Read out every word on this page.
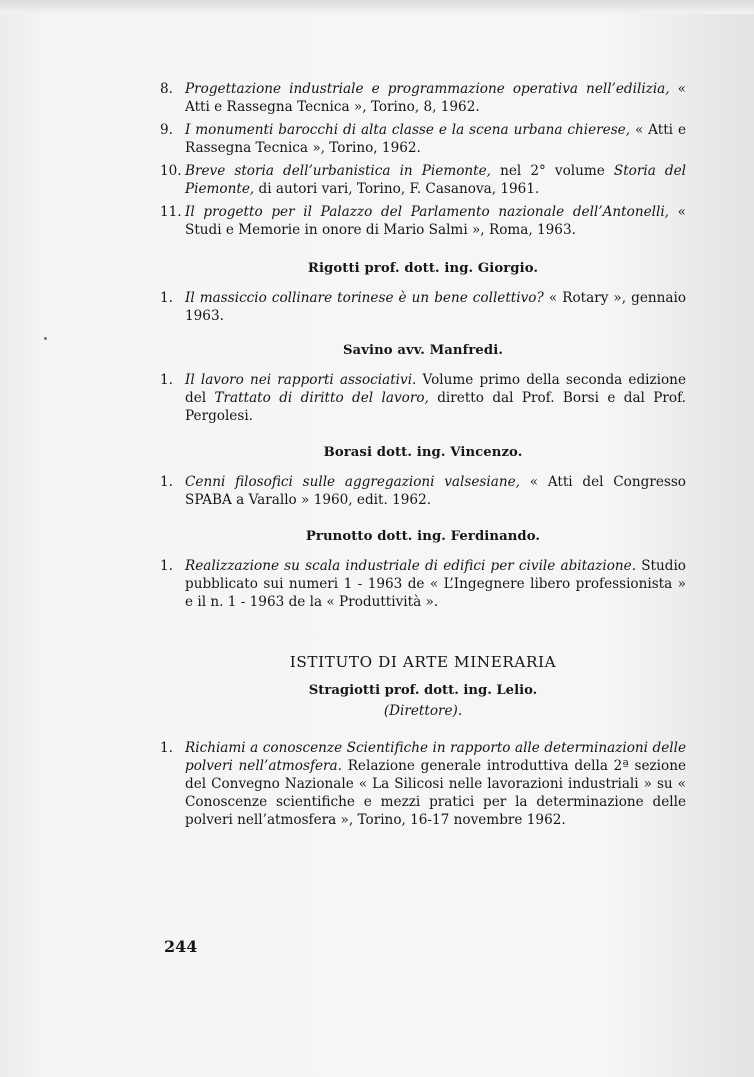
8. Progettazione industriale e programmazione operativa nell’edilizia, « Atti e Rassegna Tecnica », Torino, 8, 1962.
9. I monumenti barocchi di alta classe e la scena urbana chierese, « Atti e Rassegna Tecnica », Torino, 1962.
10. Breve storia dell’urbanistica in Piemonte, nel 2° volume Storia del Piemonte, di autori vari, Torino, F. Casanova, 1961.
11. Il progetto per il Palazzo del Parlamento nazionale dell’Antonelli, « Studi e Memorie in onore di Mario Salmi », Roma, 1963.
Rigotti prof. dott. ing. Giorgio.
1. Il massiccio collinare torinese è un bene collettivo? « Rotary », gennaio 1963.
Savino avv. Manfredi.
1. Il lavoro nei rapporti associativi. Volume primo della seconda edizione del Trattato di diritto del lavoro, diretto dal Prof. Borsi e dal Prof. Pergolesi.
Borasi dott. ing. Vincenzo.
1. Cenni filosofici sulle aggregazioni valsesiane, « Atti del Congresso SPABA a Varallo » 1960, edit. 1962.
Prunotto dott. ing. Ferdinando.
1. Realizzazione su scala industriale di edifici per civile abitazione. Studio pubblicato sui numeri 1 - 1963 de « L’Ingegnere libero professionista » e il n. 1 - 1963 de la « Produttività ».
ISTITUTO DI ARTE MINERARIA
Stragiotti prof. dott. ing. Lelio.
(Direttore).
1. Richiami a conoscenze Scientifiche in rapporto alle determinazioni delle polveri nell’atmosfera. Relazione generale introduttiva della 2ª sezione del Convegno Nazionale « La Silicosi nelle lavorazioni industriali » su « Conoscenze scientifiche e mezzi pratici per la determinazione delle polveri nell’atmosfera », Torino, 16-17 novembre 1962.
244
